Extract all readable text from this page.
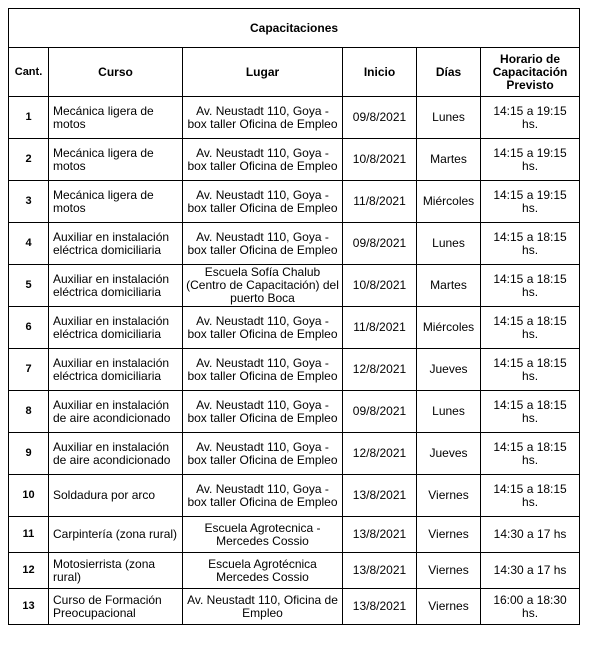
Capacitaciones					
Cant.	Curso	Lugar	Inicio	Días	Horario de Capacitación Previsto
1	Mecánica ligera de motos	Av. Neustadt 110, Goya - box taller Oficina de Empleo	09/8/2021	Lunes	14:15 a 19:15 hs.
2	Mecánica ligera de motos	Av. Neustadt 110, Goya - box taller Oficina de Empleo	10/8/2021	Martes	14:15 a 19:15 hs.
3	Mecánica ligera de motos	Av. Neustadt 110, Goya - box taller Oficina de Empleo	11/8/2021	Miércoles	14:15 a 19:15 hs.
4	Auxiliar en instalación eléctrica domiciliaria	Av. Neustadt 110, Goya - box taller Oficina de Empleo	09/8/2021	Lunes	14:15 a 18:15 hs.
5	Auxiliar en instalación eléctrica domiciliaria	Escuela Sofía Chalub (Centro de Capacitación) del puerto Boca	10/8/2021	Martes	14:15 a 18:15 hs.
6	Auxiliar en instalación eléctrica domiciliaria	Av. Neustadt 110, Goya - box taller Oficina de Empleo	11/8/2021	Miércoles	14:15 a 18:15 hs.
7	Auxiliar en instalación eléctrica domiciliaria	Av. Neustadt 110, Goya - box taller Oficina de Empleo	12/8/2021	Jueves	14:15 a 18:15 hs.
8	Auxiliar en instalación de aire acondicionado	Av. Neustadt 110, Goya - box taller Oficina de Empleo	09/8/2021	Lunes	14:15 a 18:15 hs.
9	Auxiliar en instalación de aire acondicionado	Av. Neustadt 110, Goya - box taller Oficina de Empleo	12/8/2021	Jueves	14:15 a 18:15 hs.
10	Soldadura por arco	Av. Neustadt 110, Goya - box taller Oficina de Empleo	13/8/2021	Viernes	14:15 a 18:15 hs.
11	Carpintería (zona rural)	Escuela Agrotecnica - Mercedes Cossio	13/8/2021	Viernes	14:30 a 17 hs
12	Motosierrista (zona rural)	Escuela Agrotécnica Mercedes Cossio	13/8/2021	Viernes	14:30 a 17 hs
13	Curso de Formación Preocupacional	Av. Neustadt 110, Oficina de Empleo	13/8/2021	Viernes	16:00 a 18:30 hs.
